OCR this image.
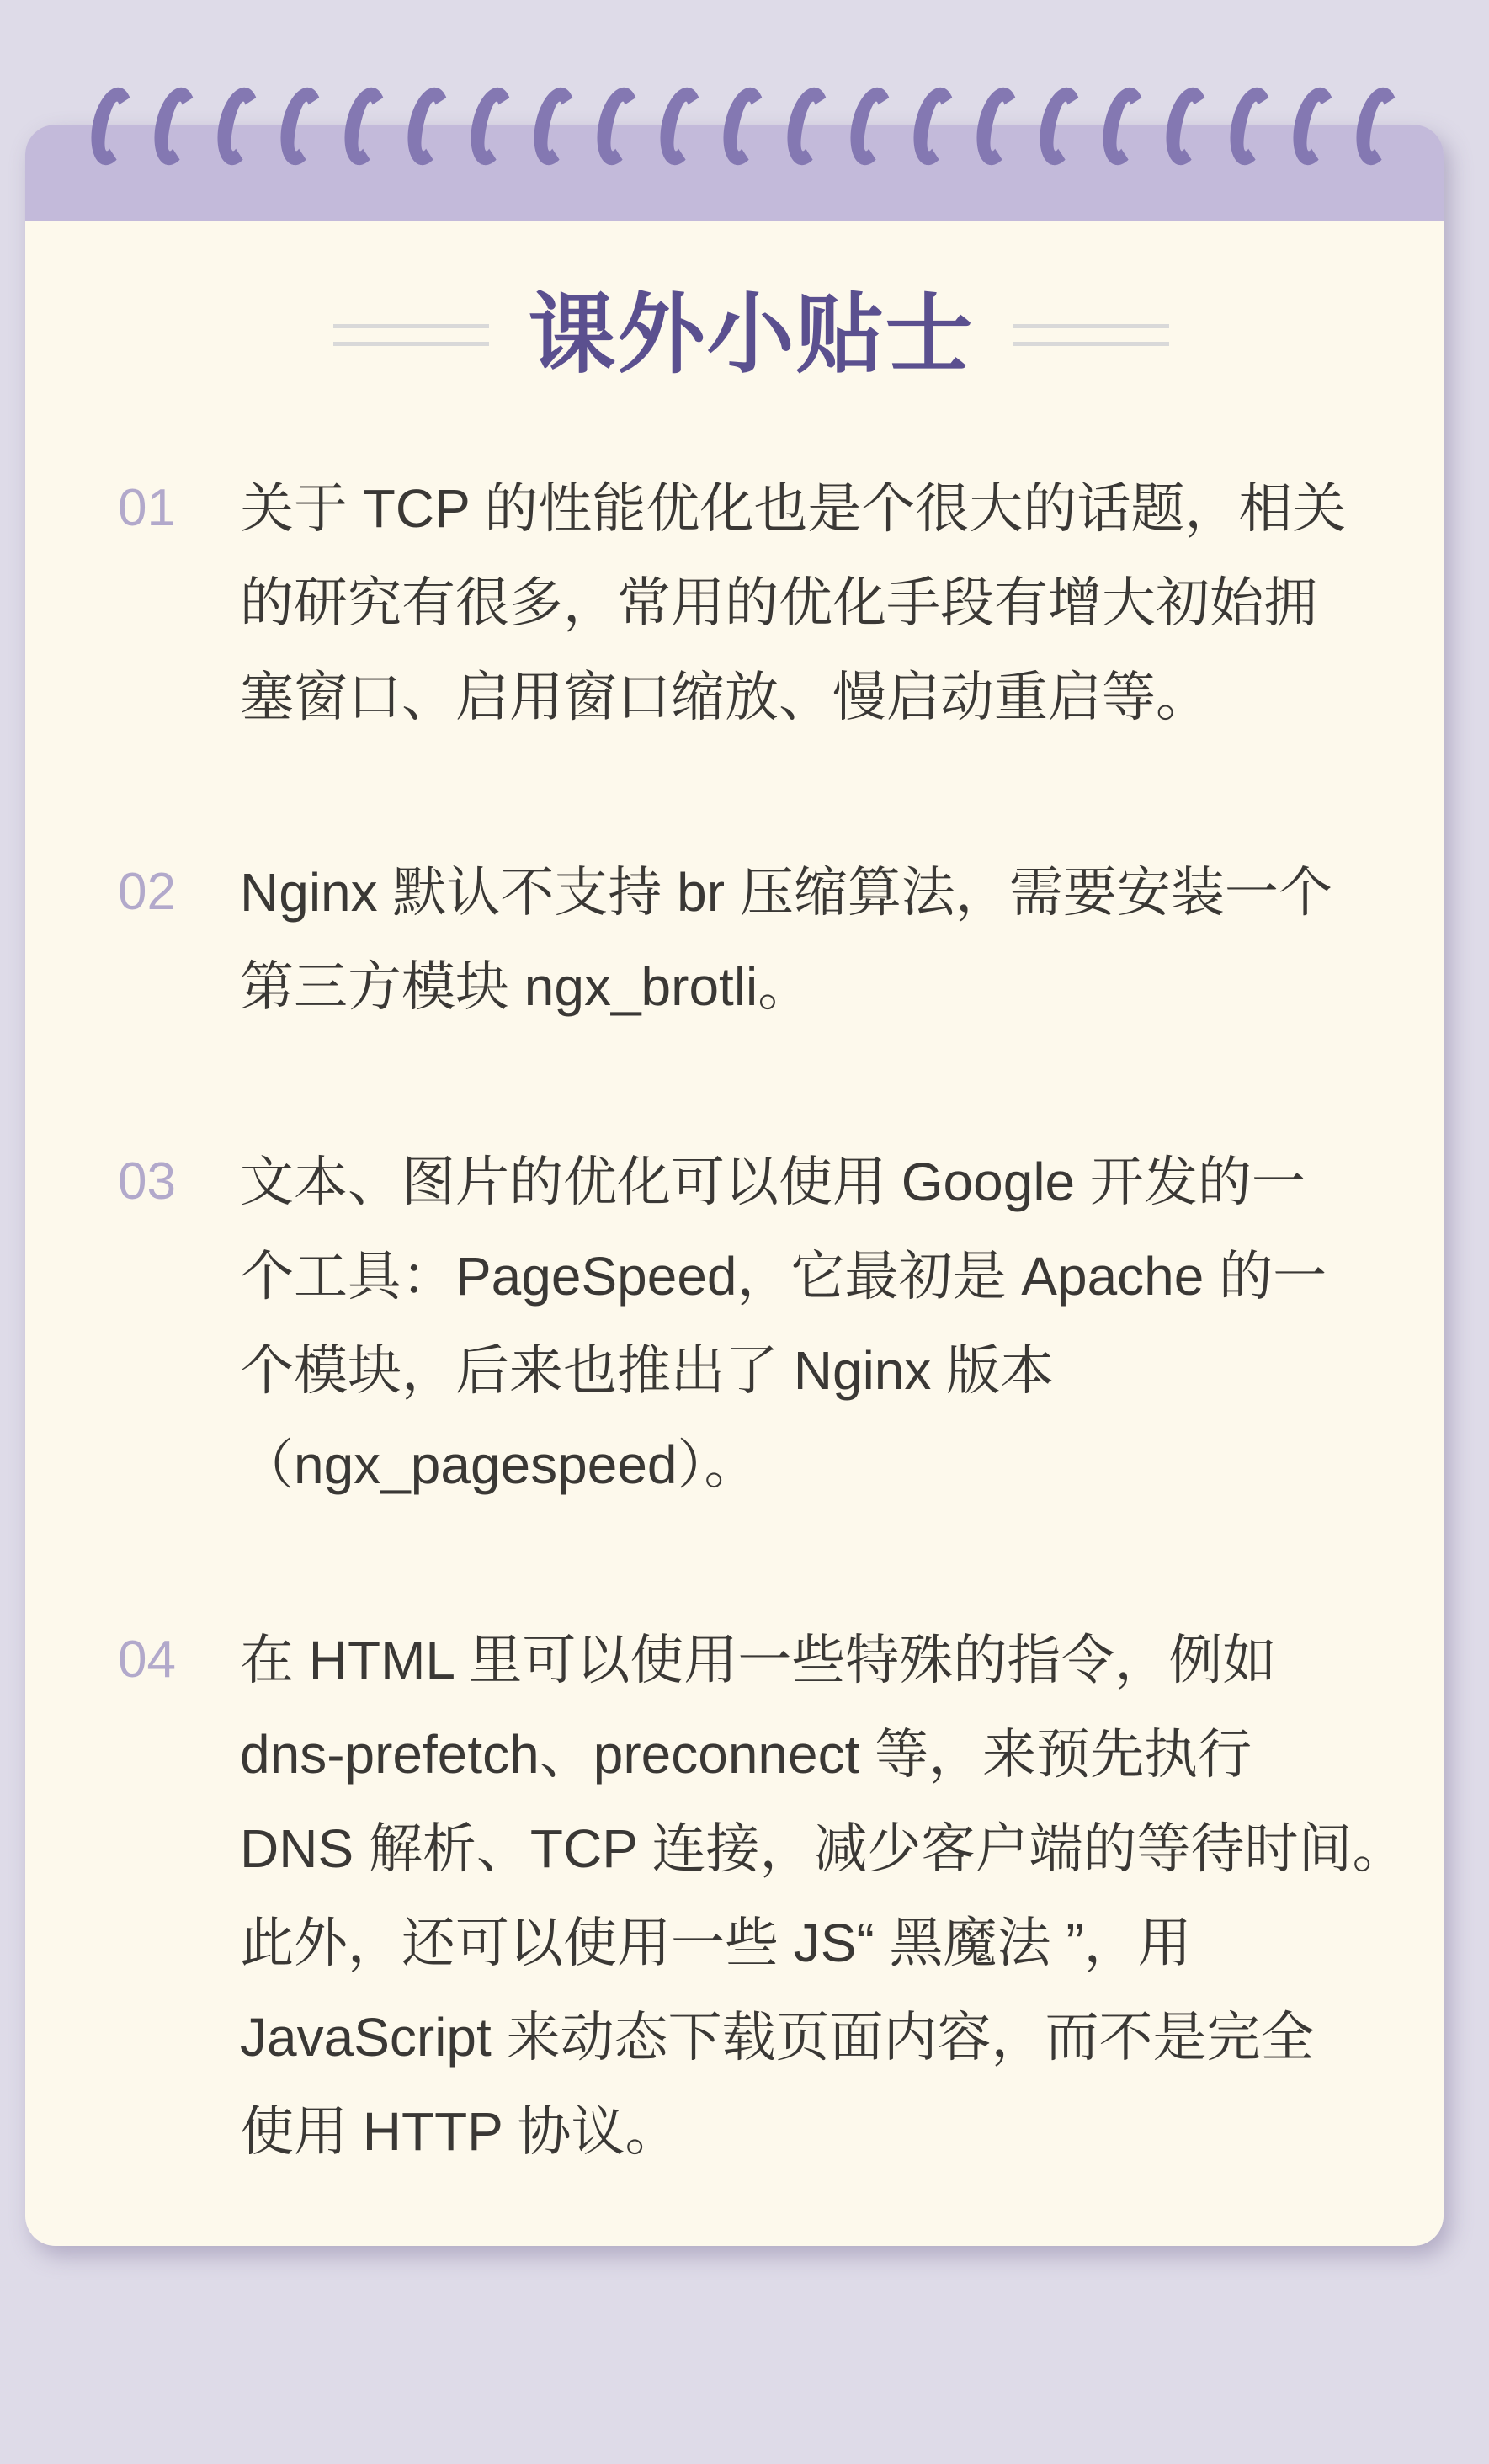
课外小贴士
01	关于 TCP 的性能优化也是个很大的话题，相关
的研究有很多，常用的优化手段有增大初始拥
塞窗口、启用窗口缩放、慢启动重启等。
02	Nginx 默认不支持 br 压缩算法，需要安装一个
第三方模块 ngx_brotli。
03	文本、图片的优化可以使用 Google 开发的一
个工具：PageSpeed，它最初是 Apache 的一
个模块，后来也推出了 Nginx 版本
（ngx_pagespeed）。
04	在 HTML 里可以使用一些特殊的指令，例如
dns-prefetch、preconnect 等，来预先执行
DNS 解析、TCP 连接，减少客户端的等待时间。
此外，还可以使用一些 JS“ 黑魔法 ”，用
JavaScript 来动态下载页面内容，而不是完全
使用 HTTP 协议。
